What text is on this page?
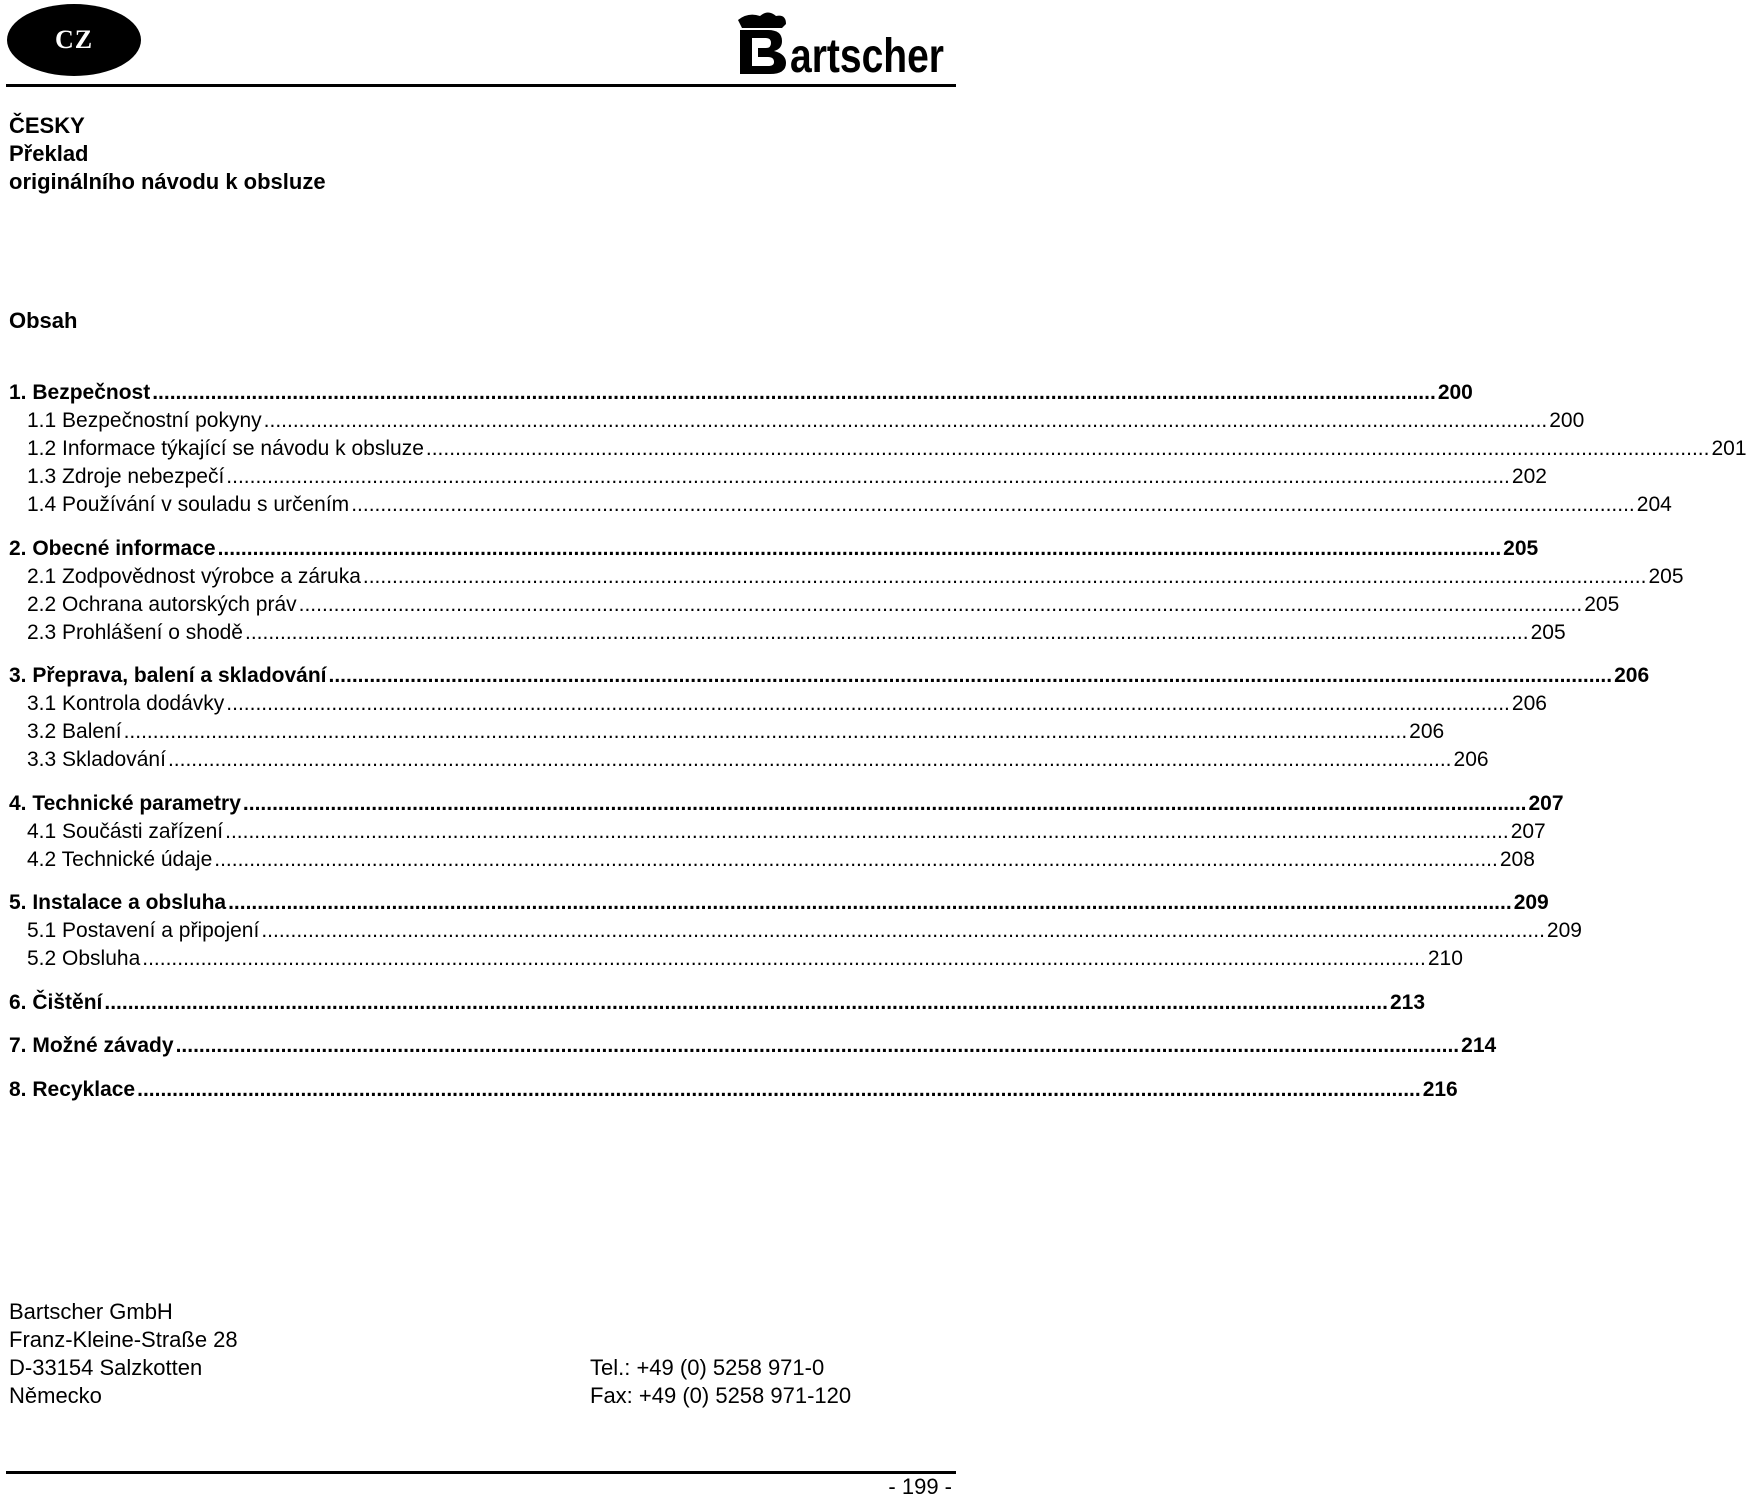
CZ	artscher
ČESKY
Překlad
originálního návodu k obsluze
Obsah
1. Bezpečnost ............................................................................................................................................................................................................................ 200
1.1 Bezpečnostní pokyny ............................................................................................................................................................................................................................ 200
1.2 Informace týkající se návodu k obsluze ............................................................................................................................................................................................................................ 201
1.3 Zdroje nebezpečí ............................................................................................................................................................................................................................ 202
1.4 Používání v souladu s určením ............................................................................................................................................................................................................................ 204
2. Obecné informace ............................................................................................................................................................................................................................ 205
2.1 Zodpovědnost výrobce a záruka ............................................................................................................................................................................................................................ 205
2.2 Ochrana autorských práv ............................................................................................................................................................................................................................ 205
2.3 Prohlášení o shodě ............................................................................................................................................................................................................................ 205
3. Přeprava, balení a skladování ............................................................................................................................................................................................................................ 206
3.1 Kontrola dodávky ............................................................................................................................................................................................................................ 206
3.2 Balení ............................................................................................................................................................................................................................ 206
3.3 Skladování ............................................................................................................................................................................................................................ 206
4. Technické parametry ............................................................................................................................................................................................................................ 207
4.1 Součásti zařízení ............................................................................................................................................................................................................................ 207
4.2 Technické údaje ............................................................................................................................................................................................................................ 208
5. Instalace a obsluha ............................................................................................................................................................................................................................ 209
5.1 Postavení a připojení ............................................................................................................................................................................................................................ 209
5.2 Obsluha ............................................................................................................................................................................................................................ 210
6. Čištění ............................................................................................................................................................................................................................ 213
7. Možné závady ............................................................................................................................................................................................................................ 214
8. Recyklace ............................................................................................................................................................................................................................ 216
Bartscher GmbH
Franz-Kleine-Straße 28
D-33154 Salzkotten
Německo
Tel.: +49 (0) 5258 971-0
Fax: +49 (0) 5258 971-120
- 199 -
